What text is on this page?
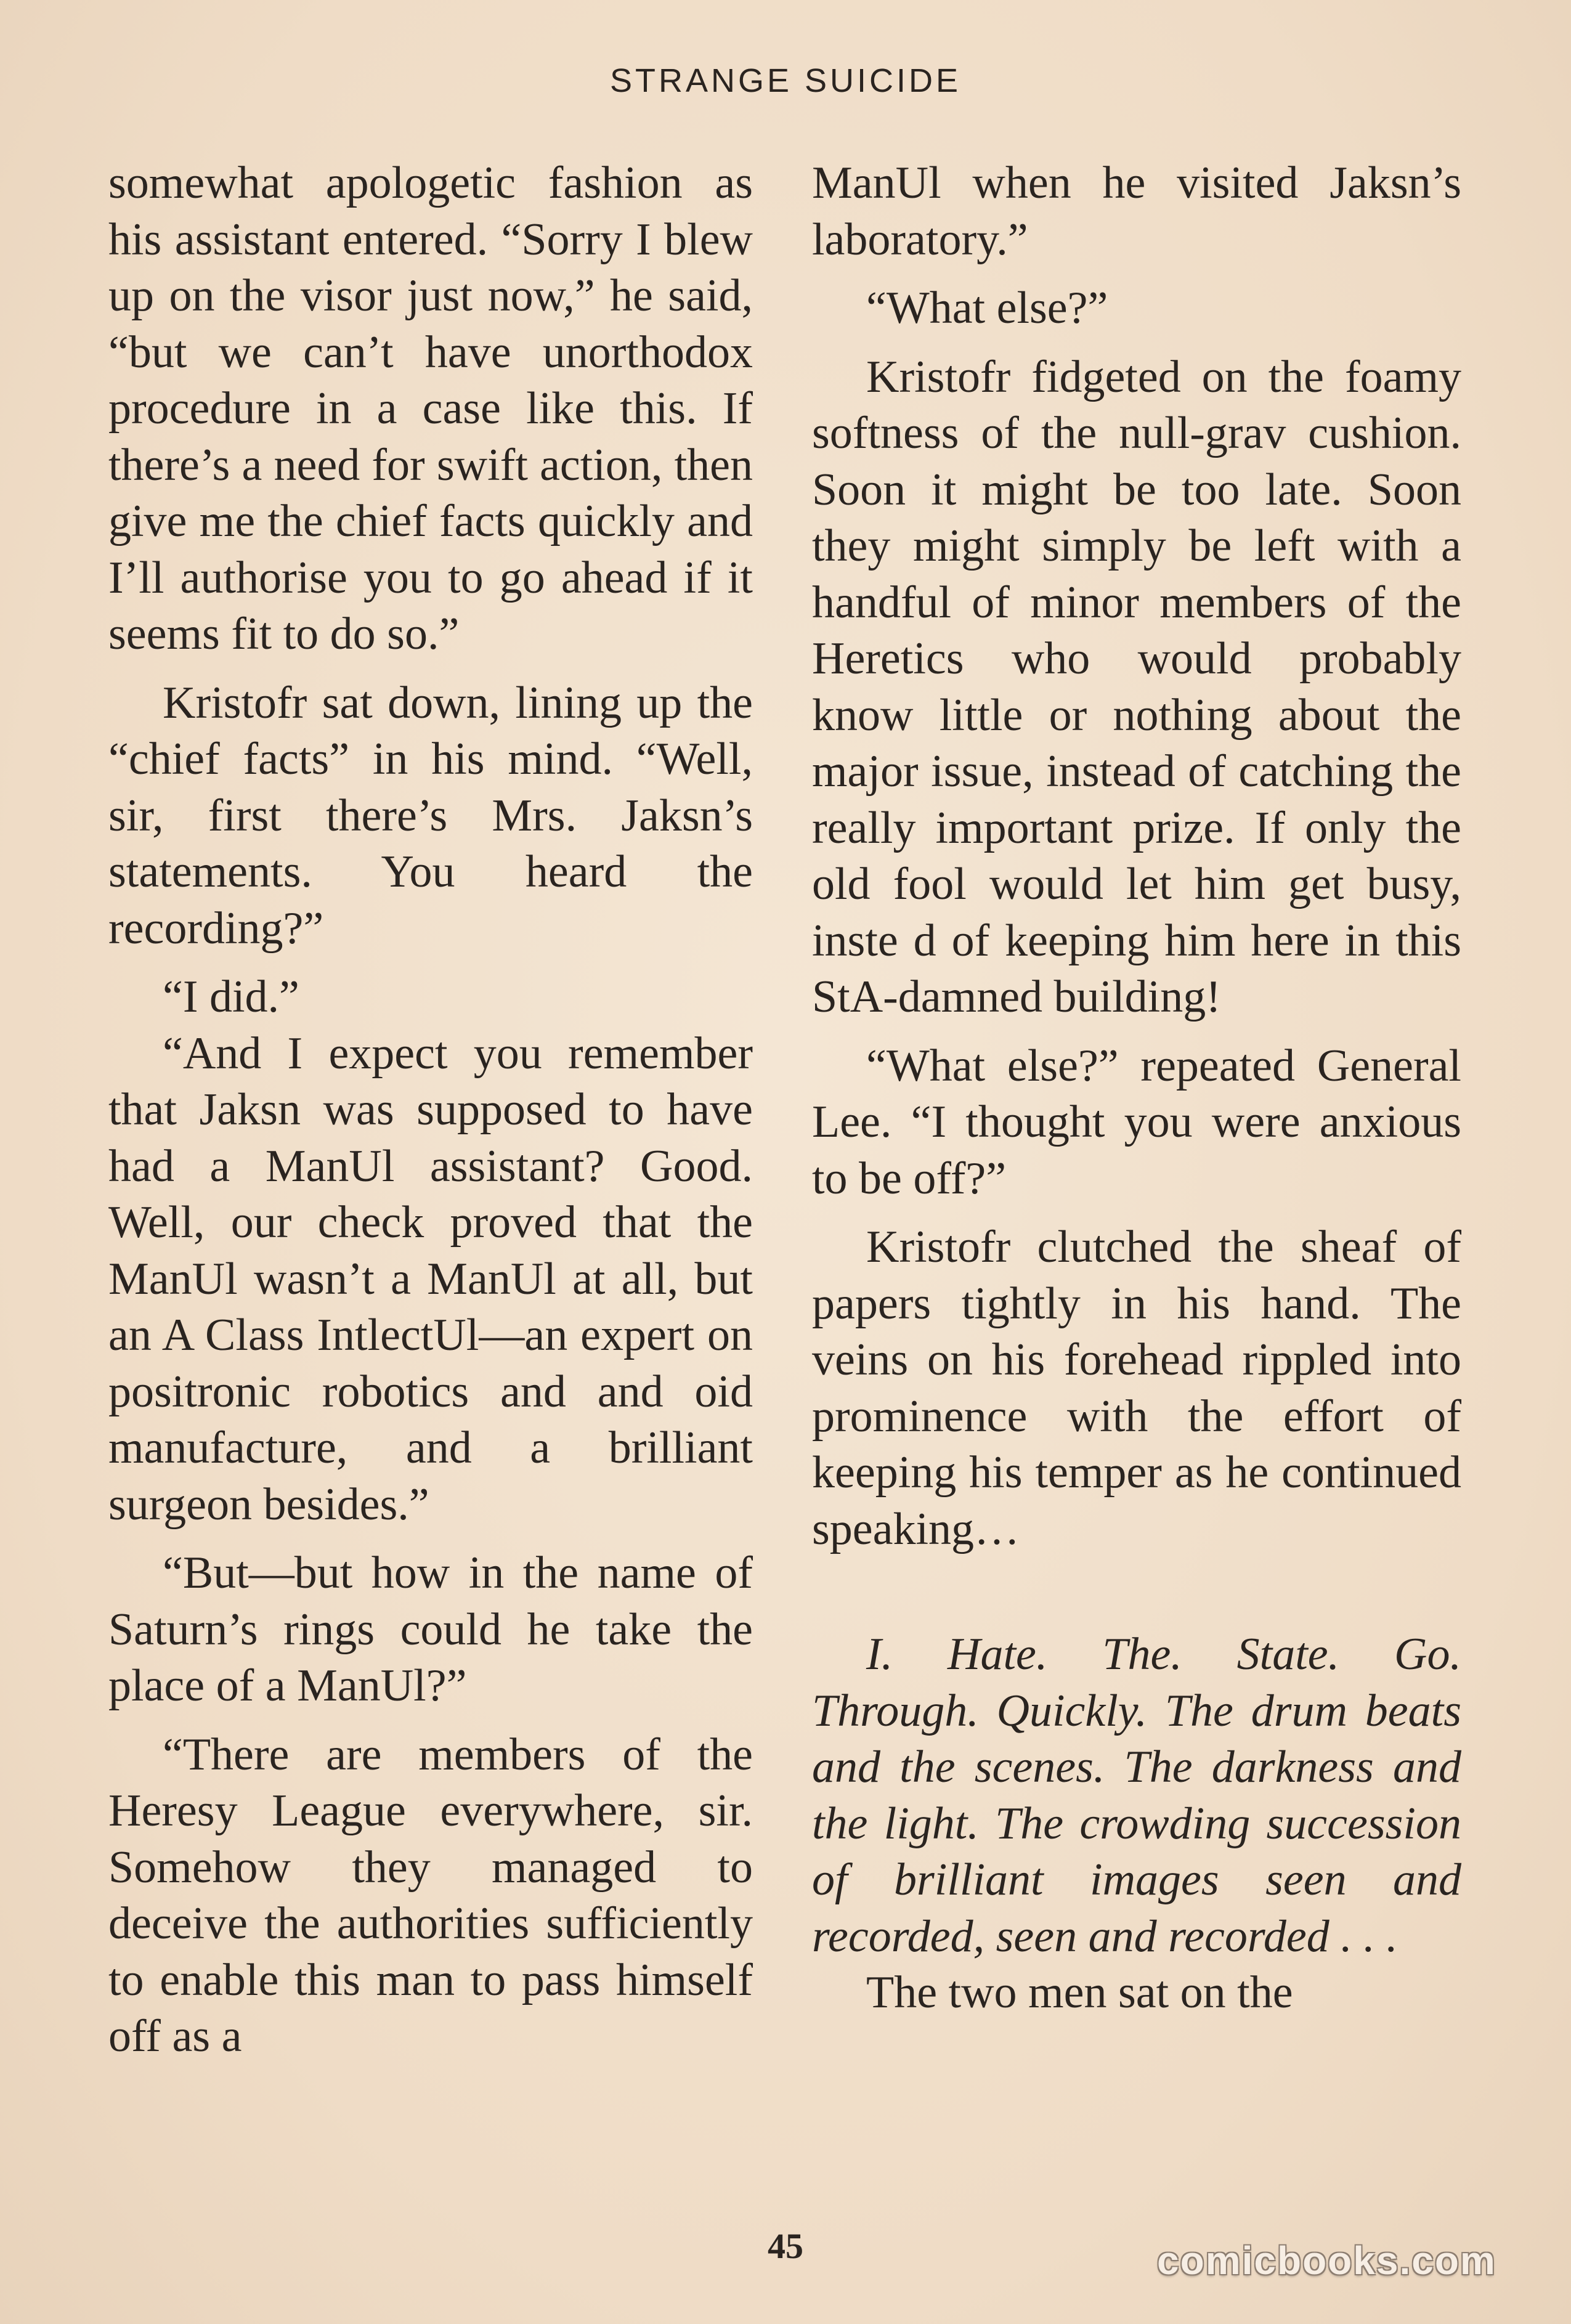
STRANGE SUICIDE

somewhat apologetic fashion as his assistant entered. “Sorry I blew up on the visor just now,” he said, “but we can’t have unorthodox procedure in a case like this. If there’s a need for swift action, then give me the chief facts quickly and I’ll authorise you to go ahead if it seems fit to do so.”

Kristofr sat down, lining up the “chief facts” in his mind. “Well, sir, first there’s Mrs. Jaksn’s statements. You heard the recording?”

“I did.”

“And I expect you remember that Jaksn was supposed to have had a ManUl assistant? Good. Well, our check proved that the ManUl wasn’t a ManUl at all, but an A Class IntlectUl—an expert on positronic robotics and and oid manufacture, and a brilliant surgeon besides.”

“But—but how in the name of Saturn’s rings could he take the place of a ManUl?”

“There are members of the Heresy League everywhere, sir. Somehow they managed to deceive the authorities sufficiently to enable this man to pass himself off as a

ManUl when he visited Jaksn’s laboratory.”

“What else?”

Kristofr fidgeted on the foamy softness of the null-grav cushion. Soon it might be too late. Soon they might simply be left with a handful of minor members of the Heretics who would probably know little or nothing about the major issue, instead of catching the really important prize. If only the old fool would let him get busy, inste d of keeping him here in this StA-damned building!

“What else?” repeated General Lee. “I thought you were anxious to be off?”

Kristofr clutched the sheaf of papers tightly in his hand. The veins on his forehead rippled into prominence with the effort of keeping his temper as he continued speaking…

I. Hate. The. State. Go. Through. Quickly. The drum beats and the scenes. The darkness and the light. The crowding succession of brilliant images seen and recorded, seen and recorded . . .

The two men sat on the

45	comicbooks.com
